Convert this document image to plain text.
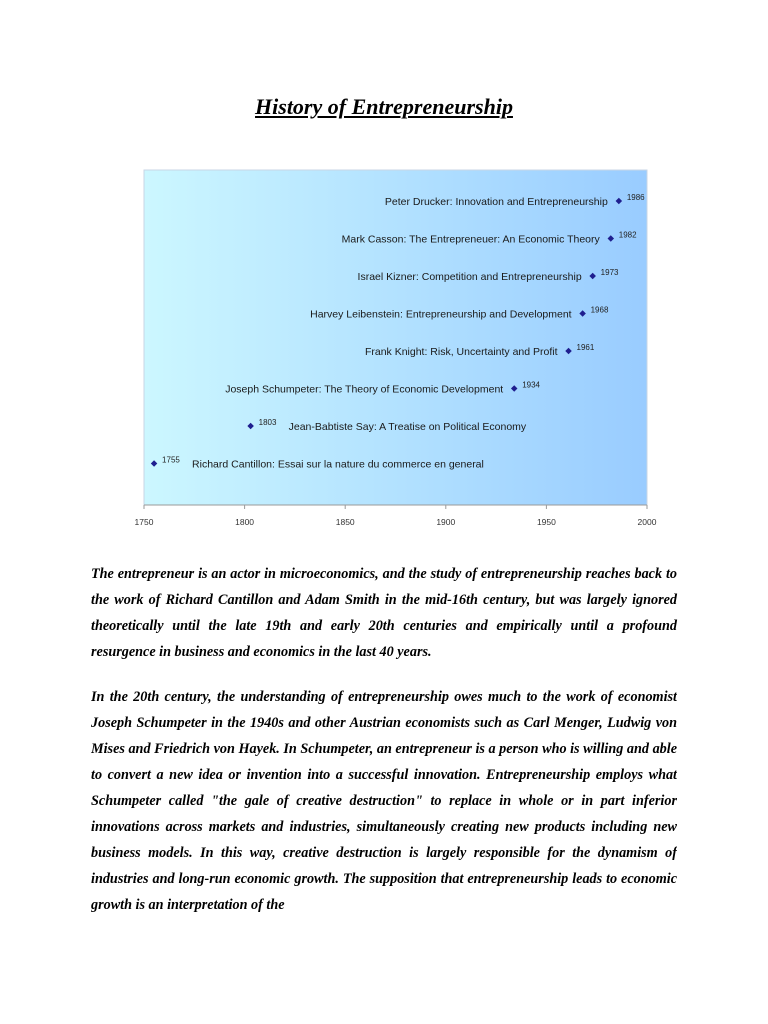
History of Entrepreneurship
1750	1800	1850	1900	1950	2000
1755 Richard Cantillon: Essai sur la nature du commerce en general
1803 Jean-Babtiste Say: A Treatise on Political Economy
1934
Joseph Schumpeter: The Theory of Economic Development
1961
Frank Knight: Risk, Uncertainty and Profit
1968
Harvey Leibenstein: Entrepreneurship and Development
1973
Israel Kizner: Competition and Entrepreneurship
1982
Mark Casson: The Entrepreneuer: An Economic Theory
1986
Peter Drucker: Innovation and Entrepreneurship

The entrepreneur is an actor in microeconomics, and the study of entrepreneurship reaches back to the work of Richard Cantillon and Adam Smith in the mid-16th century, but was largely ignored theoretically until the late 19th and early 20th centuries and empirically until a profound resurgence in business and economics in the last 40 years.

In the 20th century, the understanding of entrepreneurship owes much to the work of economist Joseph Schumpeter in the 1940s and other Austrian economists such as Carl Menger, Ludwig von Mises and Friedrich von Hayek. In Schumpeter, an entrepreneur is a person who is willing and able to convert a new idea or invention into a successful innovation. Entrepreneurship employs what Schumpeter called "the gale of creative destruction" to replace in whole or in part inferior innovations across markets and industries, simultaneously creating new products including new business models. In this way, creative destruction is largely responsible for the dynamism of industries and long-run economic growth. The supposition that entrepreneurship leads to economic growth is an interpretation of the
